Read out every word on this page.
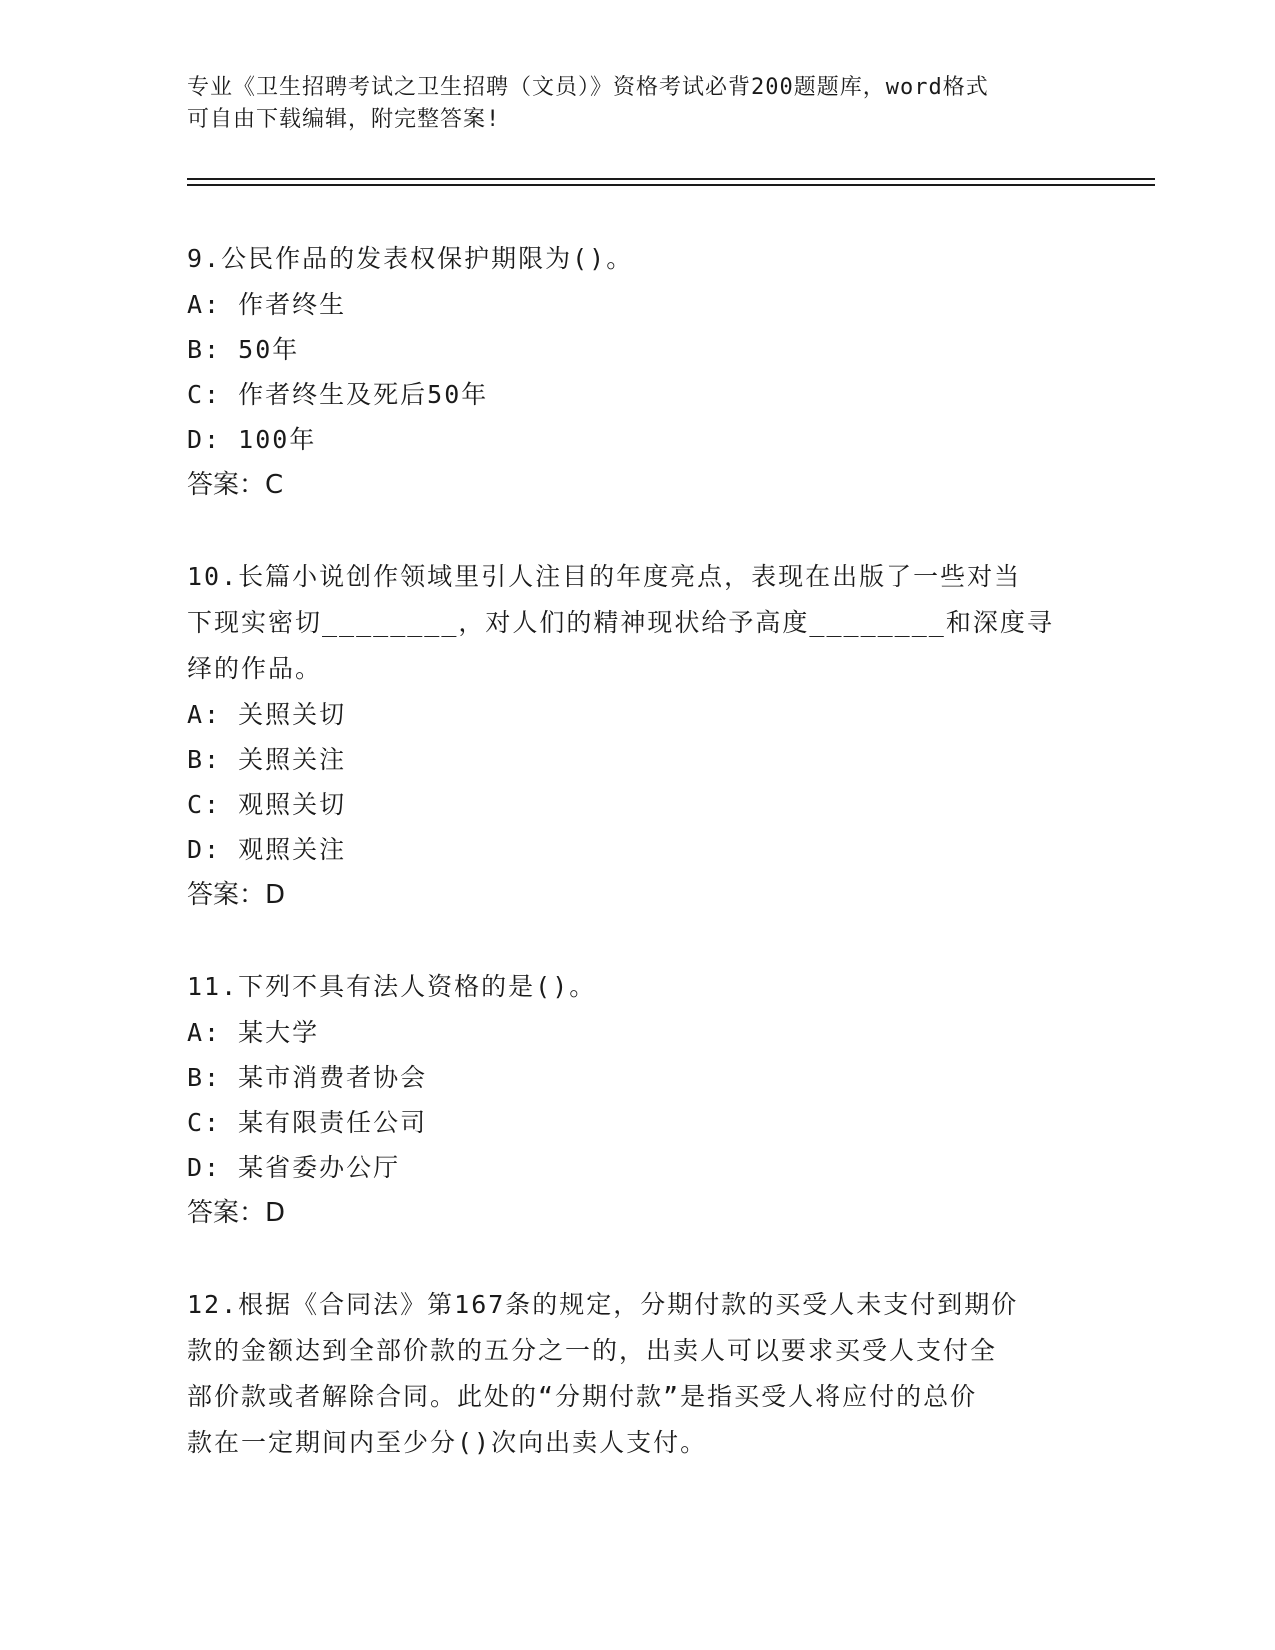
专业《卫生招聘考试之卫生招聘（文员）》资格考试必背200题题库，word格式
可自由下载编辑，附完整答案!
9.公民作品的发表权保护期限为()。
A: 作者终生
B: 50年
C: 作者终生及死后50年
D: 100年
答案：C
10.长篇小说创作领域里引人注目的年度亮点，表现在出版了一些对当
下现实密切________，对人们的精神现状给予高度________和深度寻
绎的作品。
A: 关照关切
B: 关照关注
C: 观照关切
D: 观照关注
答案：D
11.下列不具有法人资格的是()。
A: 某大学
B: 某市消费者协会
C: 某有限责任公司
D: 某省委办公厅
答案：D
12.根据《合同法》第167条的规定，分期付款的买受人未支付到期价
款的金额达到全部价款的五分之一的，出卖人可以要求买受人支付全
部价款或者解除合同。此处的“分期付款”是指买受人将应付的总价
款在一定期间内至少分()次向出卖人支付。
